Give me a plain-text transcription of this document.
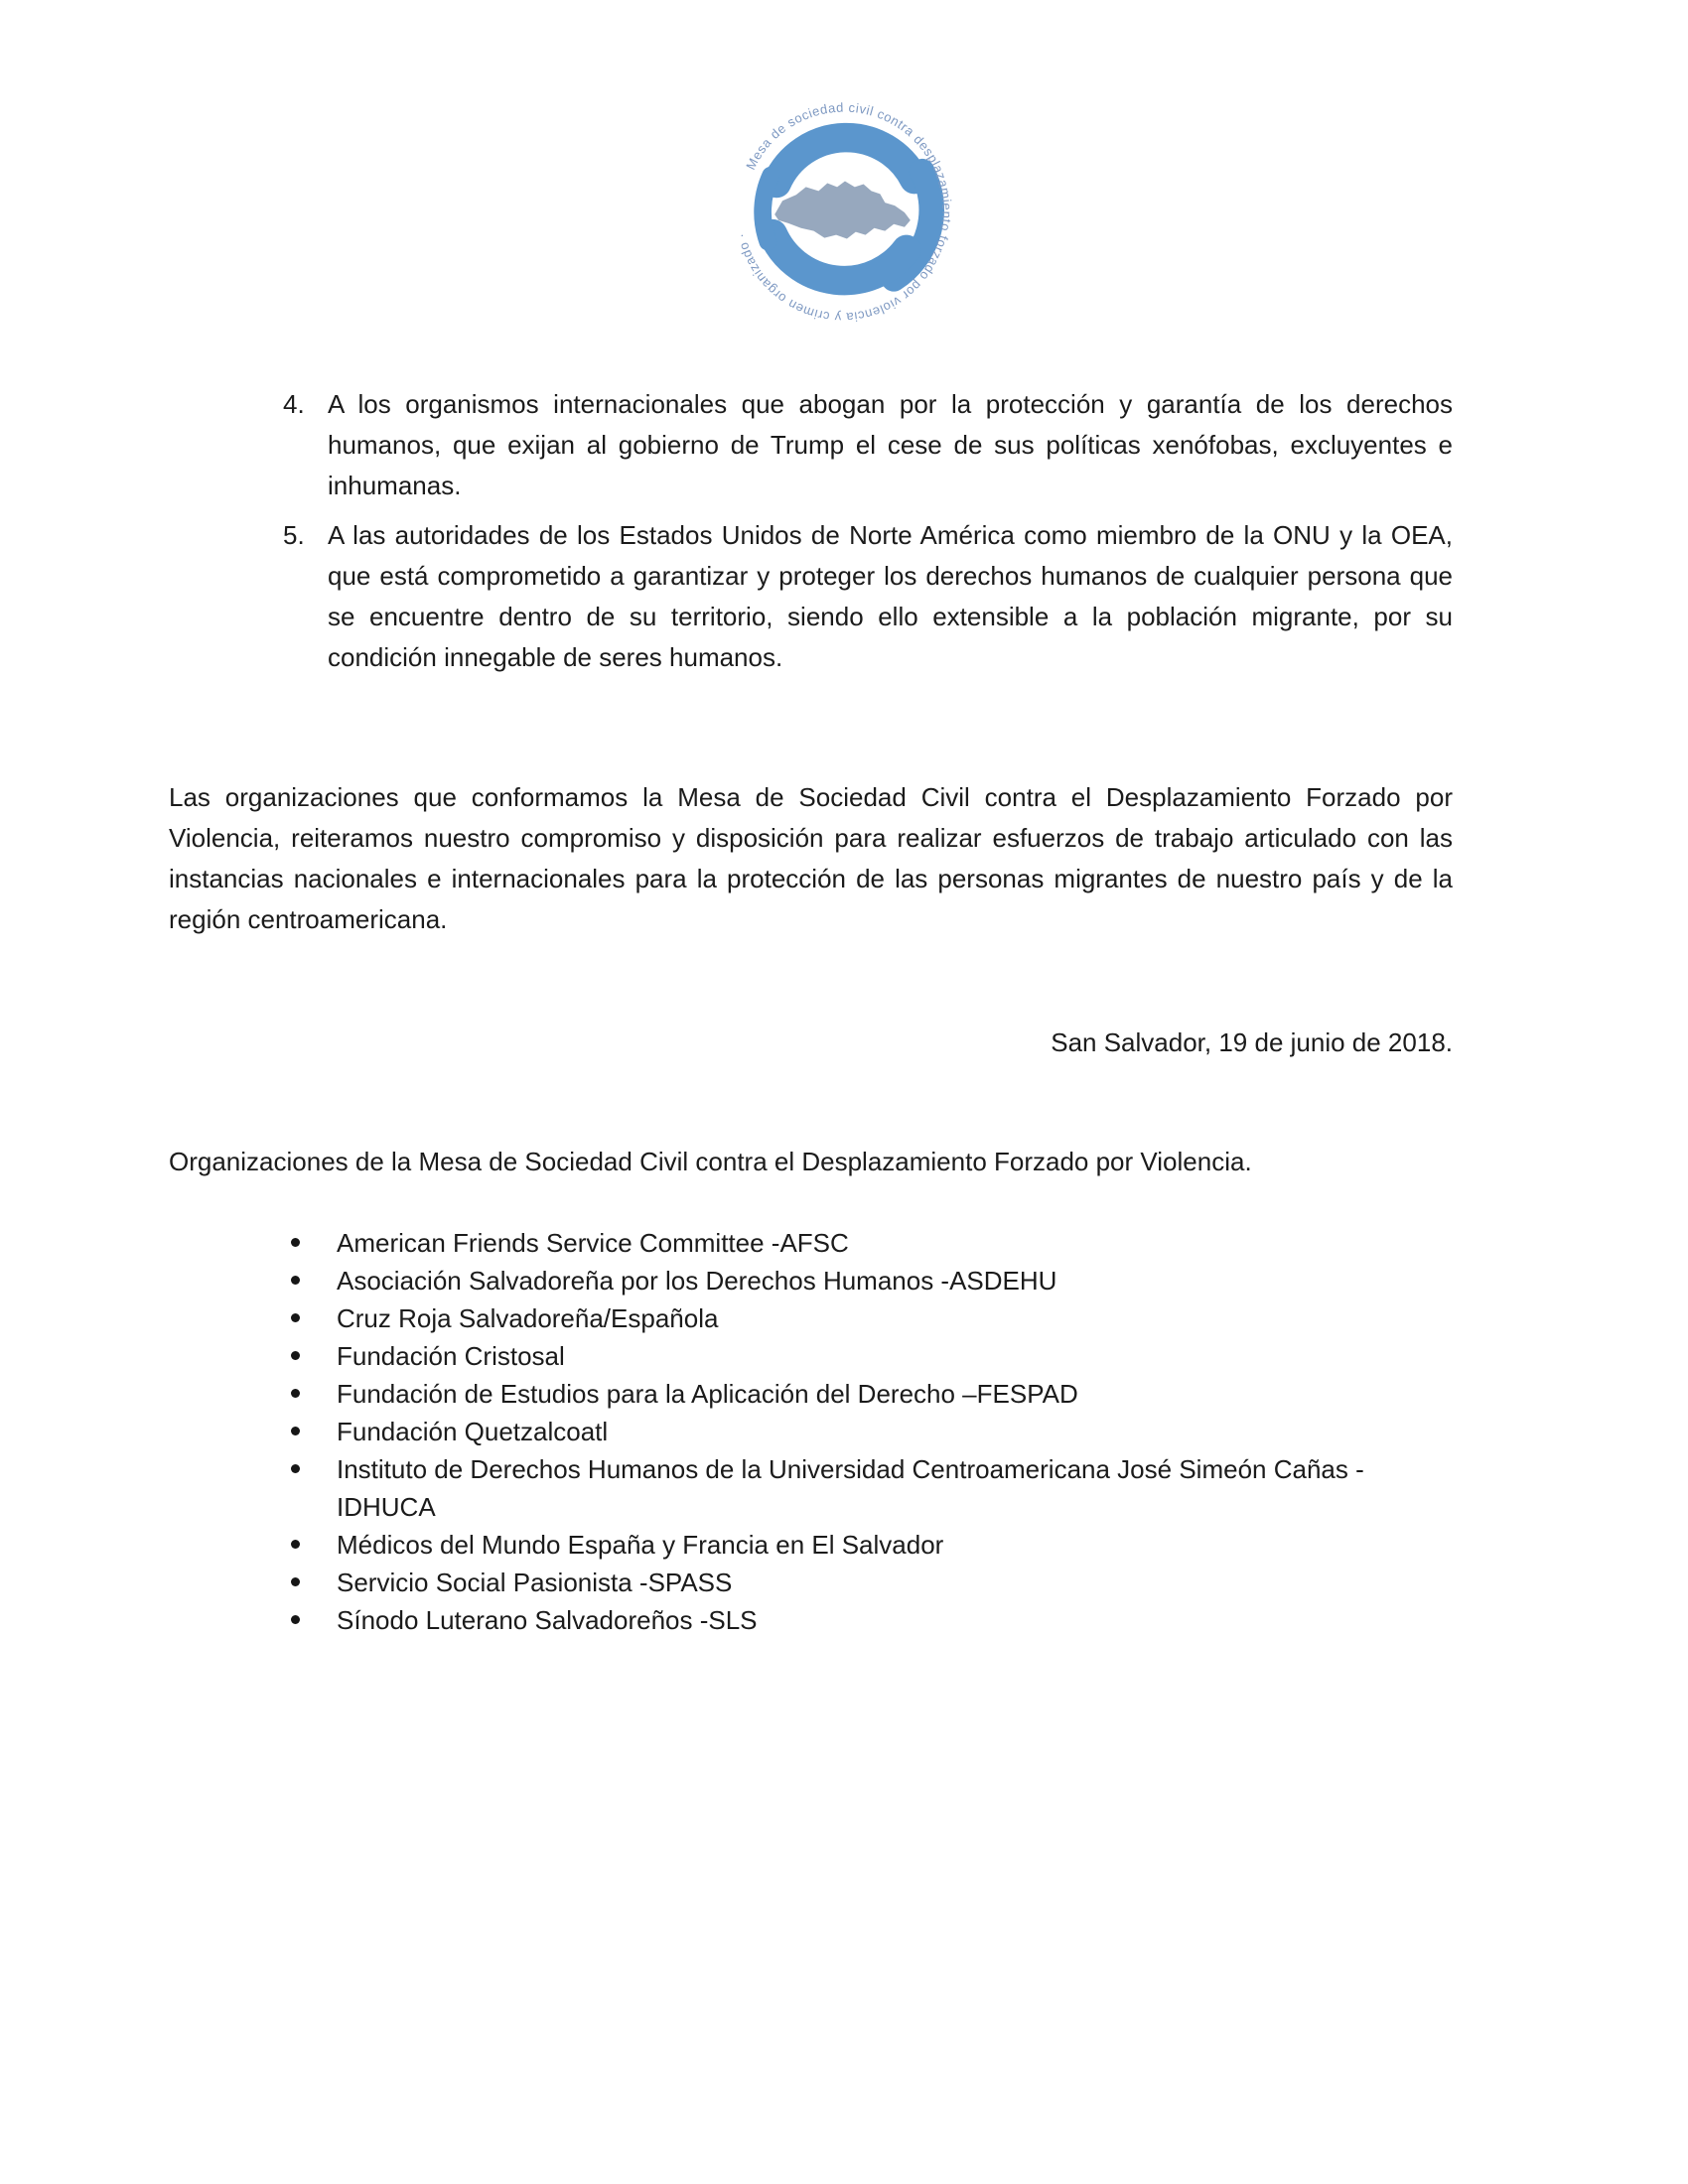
Mesa de sociedad civil contra desplazamiento forzado por violencia y crimen organizado ·
4. A los organismos internacionales que abogan por la protección y garantía de los derechos humanos, que exijan al gobierno de Trump el cese de sus políticas xenófobas, excluyentes e inhumanas.
5. A las autoridades de los Estados Unidos de Norte América como miembro de la ONU y la OEA, que está comprometido a garantizar y proteger los derechos humanos de cualquier persona que se encuentre dentro de su territorio, siendo ello extensible a la población migrante, por su condición innegable de seres humanos.

Las organizaciones que conformamos la Mesa de Sociedad Civil contra el Desplazamiento Forzado por Violencia, reiteramos nuestro compromiso y disposición para realizar esfuerzos de trabajo articulado con las instancias nacionales e internacionales para la protección de las personas migrantes de nuestro país y de la región centroamericana.

San Salvador, 19 de junio de 2018.

Organizaciones de la Mesa de Sociedad Civil contra el Desplazamiento Forzado por Violencia.

American Friends Service Committee -AFSC
Asociación Salvadoreña por los Derechos Humanos -ASDEHU
Cruz Roja Salvadoreña/Española
Fundación Cristosal
Fundación de Estudios para la Aplicación del Derecho –FESPAD
Fundación Quetzalcoatl
Instituto de Derechos Humanos de la Universidad Centroamericana José Simeón Cañas - IDHUCA
Médicos del Mundo España y Francia en El Salvador
Servicio Social Pasionista -SPASS
Sínodo Luterano Salvadoreños -SLS
